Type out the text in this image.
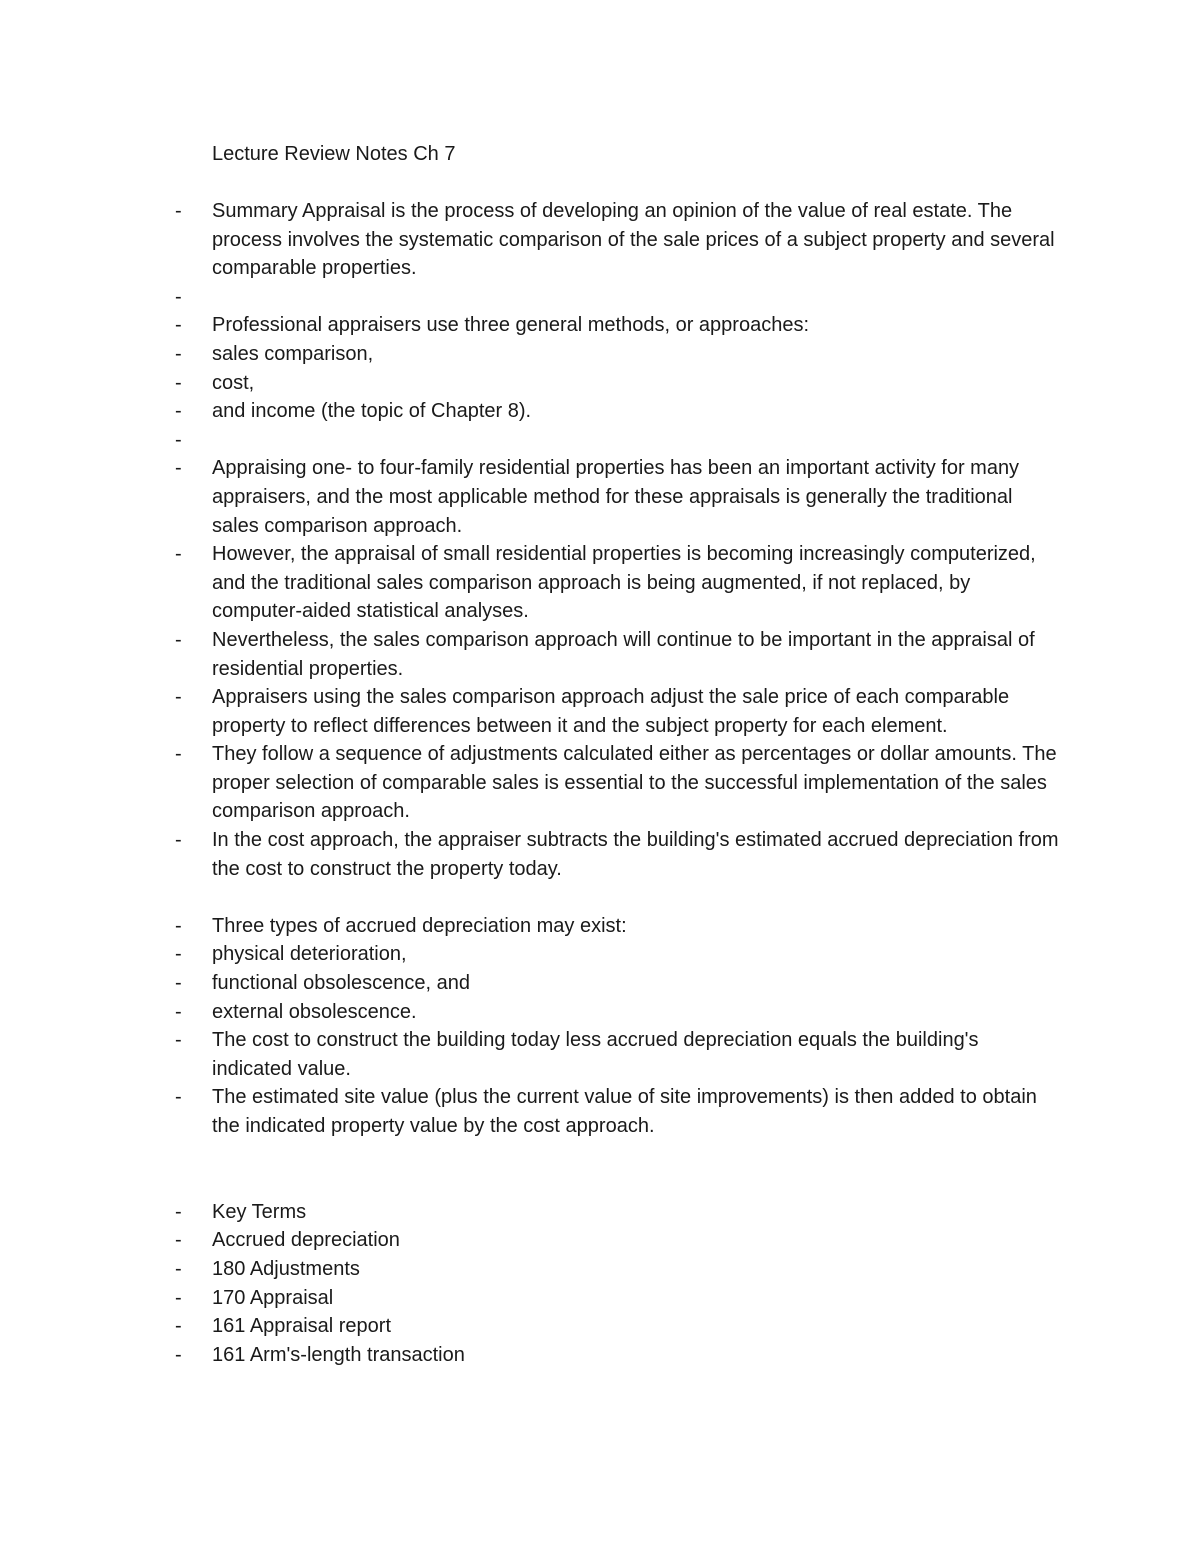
Lecture Review Notes Ch 7
- Summary Appraisal is the process of developing an opinion of the value of real estate. The process involves the systematic comparison of the sale prices of a subject property and several comparable properties.
-
- Professional appraisers use three general methods, or approaches:
- sales comparison,
- cost,
- and income (the topic of Chapter 8).
-
- Appraising one- to four-family residential properties has been an important activity for many appraisers, and the most applicable method for these appraisals is generally the traditional sales comparison approach.
- However, the appraisal of small residential properties is becoming increasingly computerized, and the traditional sales comparison approach is being augmented, if not replaced, by computer-aided statistical analyses.
- Nevertheless, the sales comparison approach will continue to be important in the appraisal of residential properties.
- Appraisers using the sales comparison approach adjust the sale price of each comparable property to reflect differences between it and the subject property for each element.
- They follow a sequence of adjustments calculated either as percentages or dollar amounts. The proper selection of comparable sales is essential to the successful implementation of the sales comparison approach.
- In the cost approach, the appraiser subtracts the building's estimated accrued depreciation from the cost to construct the property today.
- Three types of accrued depreciation may exist:
- physical deterioration,
- functional obsolescence, and
- external obsolescence.
- The cost to construct the building today less accrued depreciation equals the building's indicated value.
- The estimated site value (plus the current value of site improvements) is then added to obtain the indicated property value by the cost approach.
- Key Terms
- Accrued depreciation
- 180 Adjustments
- 170 Appraisal
- 161 Appraisal report
- 161 Arm's-length transaction
